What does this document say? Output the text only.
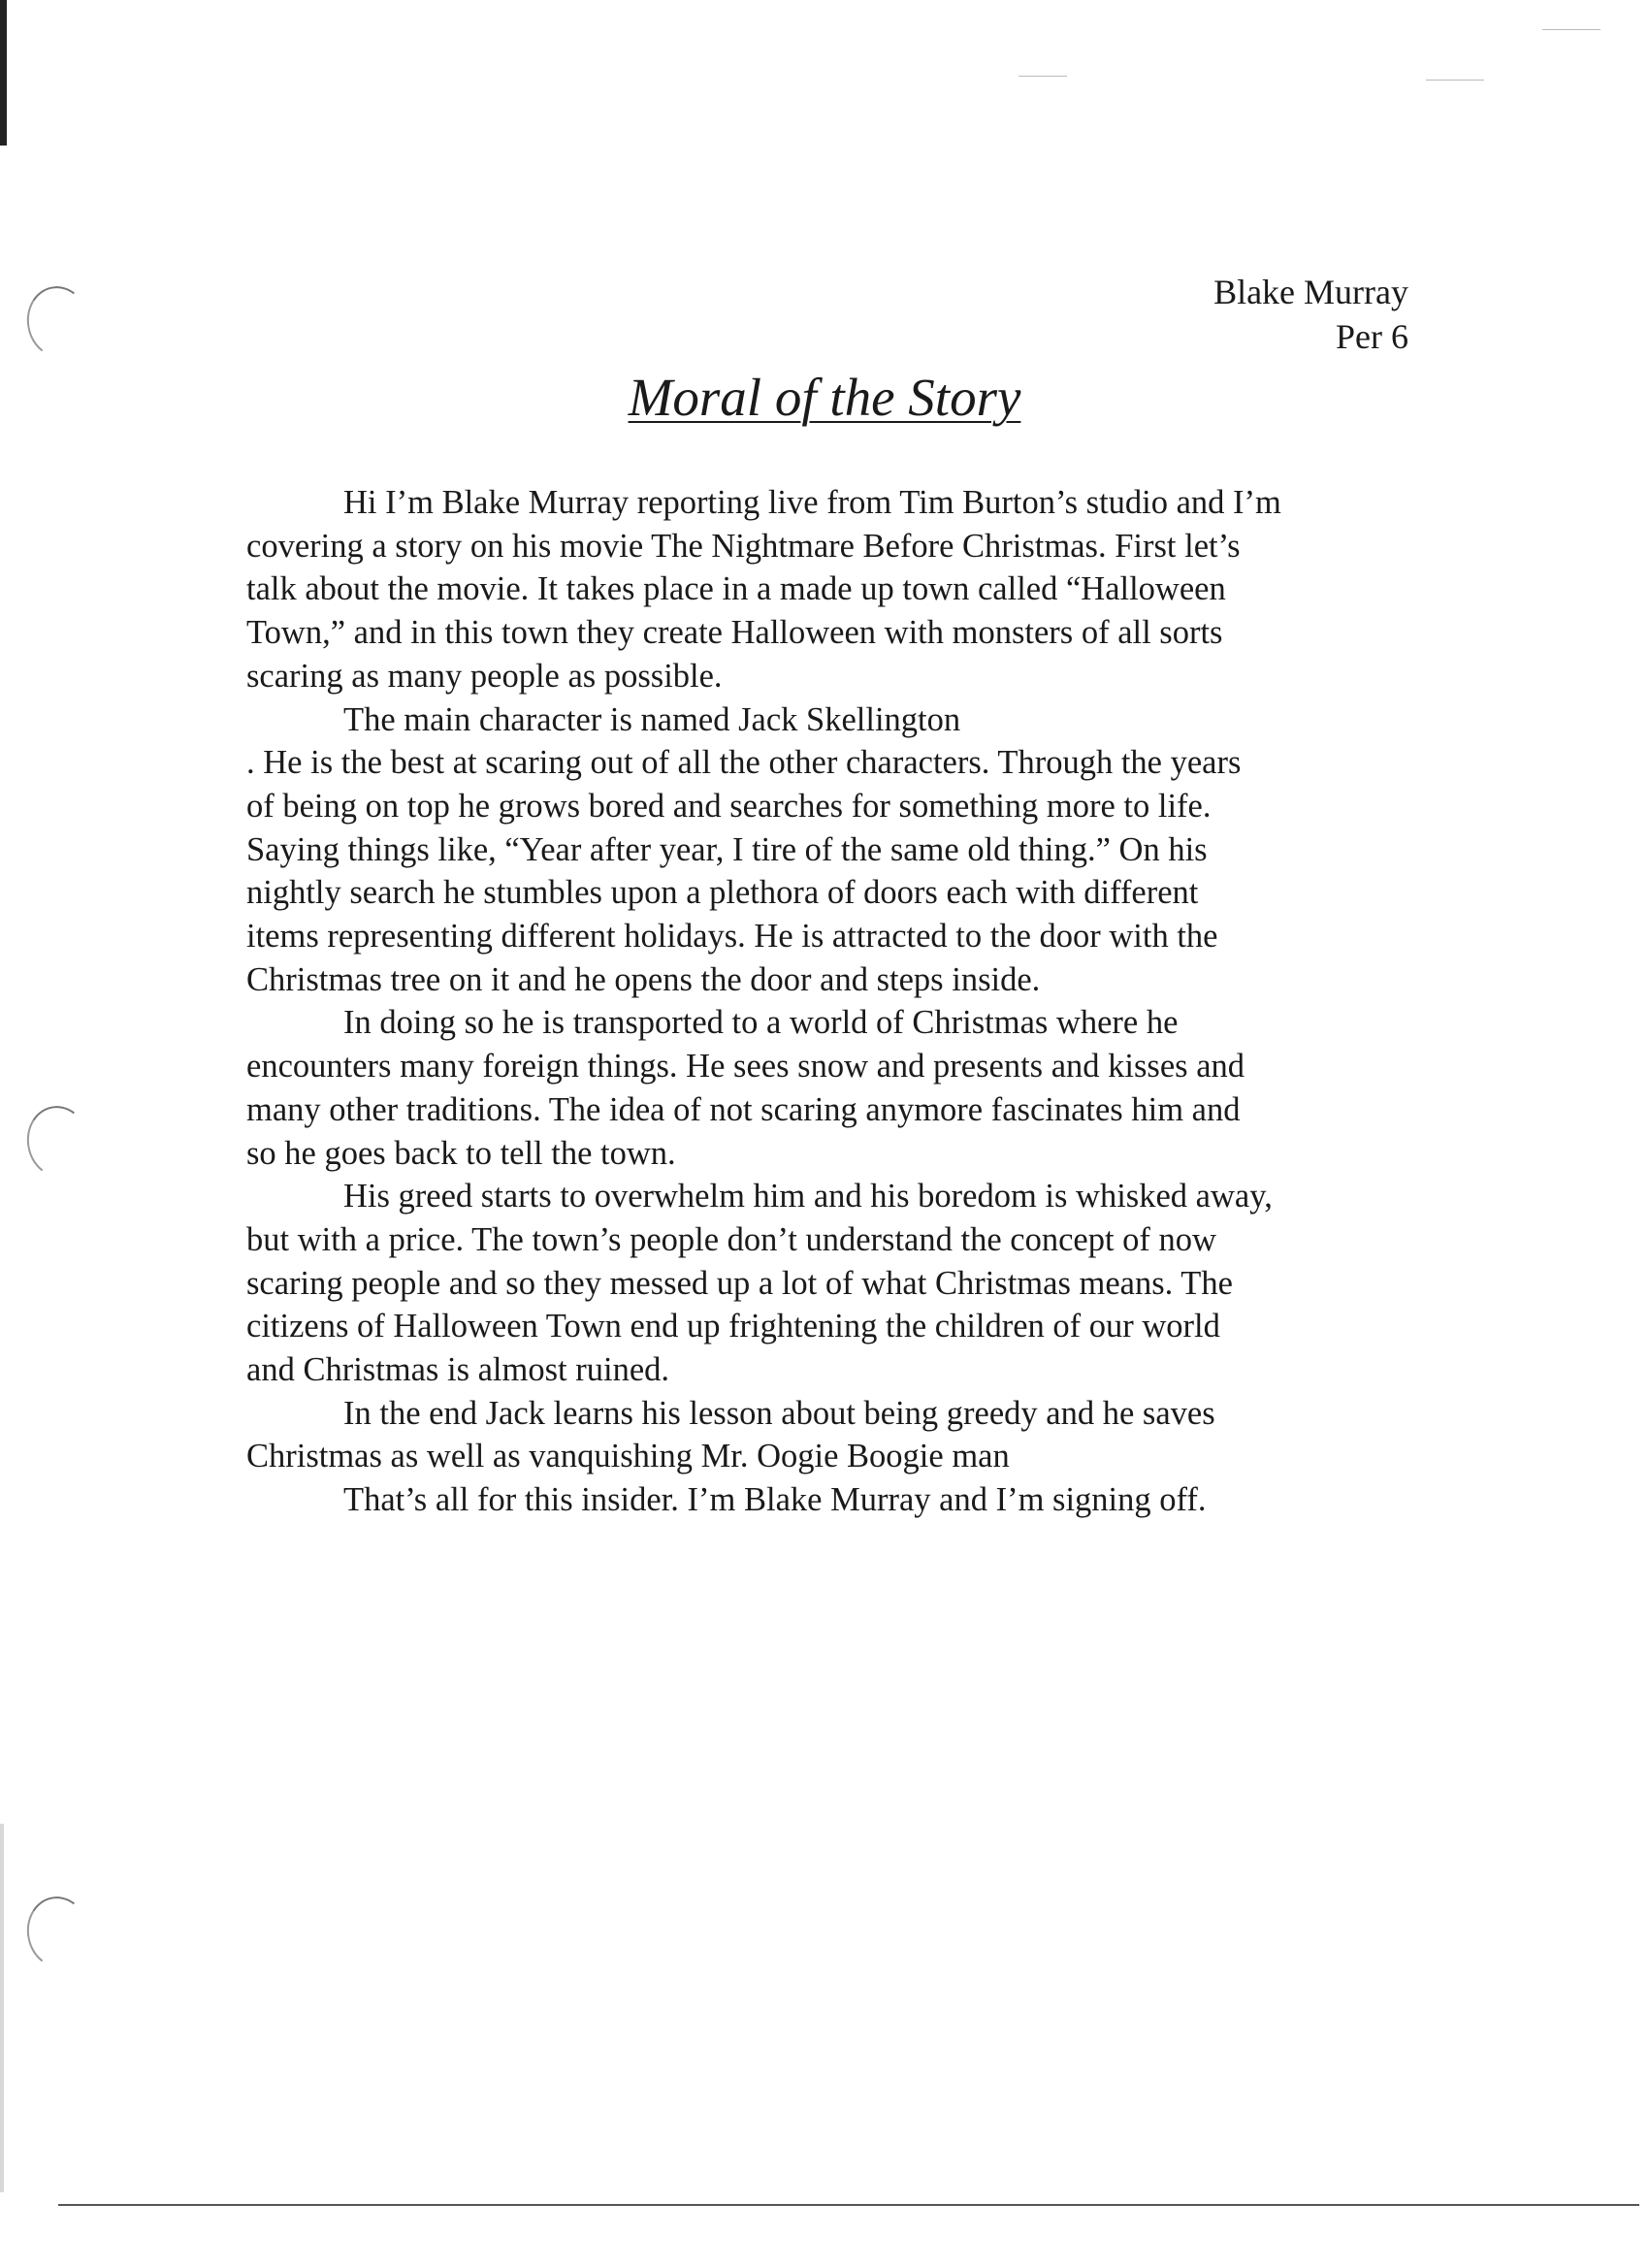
Blake Murray
Per 6
Moral of the Story

Hi I’m Blake Murray reporting live from Tim Burton’s studio and I’m
covering a story on his movie The Nightmare Before Christmas. First let’s
talk about the movie. It takes place in a made up town called “Halloween
Town,” and in this town they create Halloween with monsters of all sorts
scaring as many people as possible.

The main character is named Jack Skellington
. He is the best at scaring out of all the other characters. Through the years
of being on top he grows bored and searches for something more to life.
Saying things like, “Year after year, I tire of the same old thing.” On his
nightly search he stumbles upon a plethora of doors each with different
items representing different holidays. He is attracted to the door with the
Christmas tree on it and he opens the door and steps inside.

In doing so he is transported to a world of Christmas where he
encounters many foreign things. He sees snow and presents and kisses and
many other traditions. The idea of not scaring anymore fascinates him and
so he goes back to tell the town.

His greed starts to overwhelm him and his boredom is whisked away,
but with a price. The town’s people don’t understand the concept of now
scaring people and so they messed up a lot of what Christmas means. The
citizens of Halloween Town end up frightening the children of our world
and Christmas is almost ruined.

In the end Jack learns his lesson about being greedy and he saves
Christmas as well as vanquishing Mr. Oogie Boogie man

That’s all for this insider. I’m Blake Murray and I’m signing off.
